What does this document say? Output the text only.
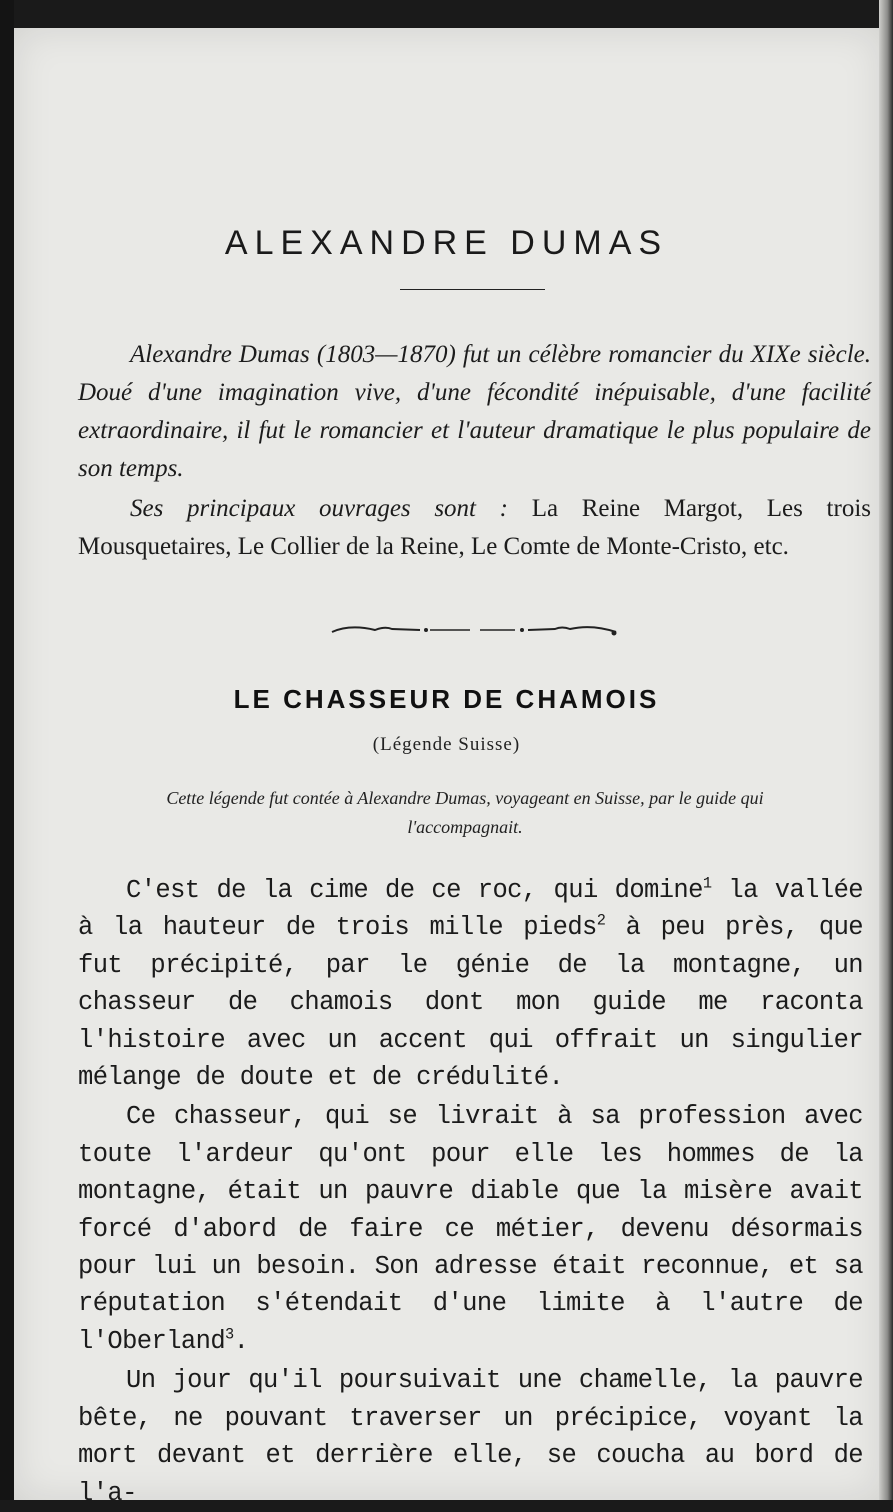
ALEXANDRE DUMAS

Alexandre Dumas (1803—1870) fut un célèbre romancier du XIXe siècle. Doué d'une imagination vive, d'une fécondité inépuisable, d'une facilité extraordinaire, il fut le romancier et l'auteur dramatique le plus populaire de son temps.

Ses principaux ouvrages sont : La Reine Margot, Les trois Mousquetaires, Le Collier de la Reine, Le Comte de Monte-Cristo, etc.

LE CHASSEUR DE CHAMOIS
(Légende Suisse)
Cette légende fut contée à Alexandre Dumas, voyageant en Suisse, par le guide qui l'accompagnait.

C'est de la cime de ce roc, qui domine$^1$ la vallée à la hauteur de trois mille pieds$^2$ à peu près, que fut précipité, par le génie de la montagne, un chasseur de chamois dont mon guide me raconta l'histoire avec un accent qui offrait un singulier mélange de doute et de crédulité.

Ce chasseur, qui se livrait à sa profession avec toute l'ardeur qu'ont pour elle les hommes de la montagne, était un pauvre diable que la misère avait forcé d'abord de faire ce métier, devenu désormais pour lui un besoin. Son adresse était reconnue, et sa réputation s'étendait d'une limite à l'autre de l'Oberland$^3$.

Un jour qu'il poursuivait une chamelle, la pauvre bête, ne pouvant traverser un précipice, voyant la mort devant et derrière elle, se coucha au bord de l'a-
